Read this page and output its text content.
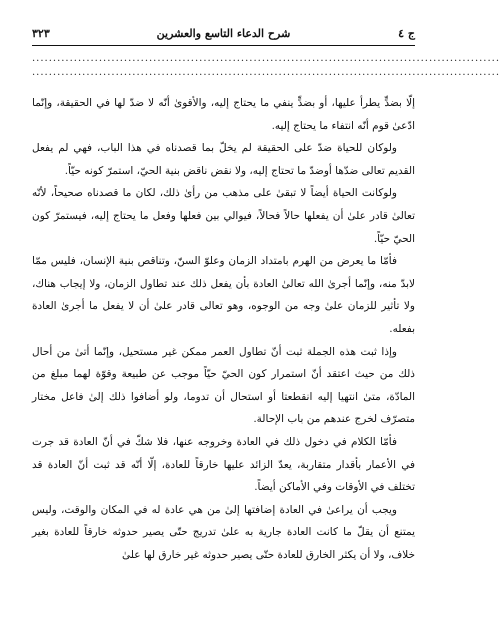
٣٢٣	شرح الدعاء التاسع والعشرين	ج ٤
................................................................................................................
................................................................................................................

إلّا بضدٍّ يطرأ عليها، أو بضدٍّ ينفي ما يحتاج إليه، والأقوىٰ أنّه لا ضدّ لها في الحقيقة، وإنّما ادّعىٰ قوم أنّه انتفاء ما يحتاج إليه.

ولوكان للحياة ضدّ على الحقيقة لم يخلّ بما قصدناه في هذا الباب، فهي لم يفعل القديم تعالى ضدّها أوضدّ ما تحتاج إليه، ولا نقض ناقض بنية الحيّ، استمرّ كونه حيّاً.

ولوكانت الحياة أيضاً لا تبقىٰ على مذهب من رأىٰ ذلك، لكان ما قصدناه صحيحاً، لأنّه تعالىٰ قادر علىٰ أن يفعلها حالاً فحالاً، فيوالي بين فعلها وفعل ما يحتاج إليه، فيستمرّ كون الحيّ حيّاً.

فأمّا ما يعرض من الهرم بامتداد الزمان وعلوّ السنّ، وتناقص بنية الإنسان، فليس ممّا لابدّ منه، وإنّما أجرىٰ الله تعالىٰ العادة بأن يفعل ذلك عند تطاول الزمان، ولا إيجاب هناك، ولا تأثير للزمان علىٰ وجه من الوجوه، وهو تعالى قادر علىٰ أن لا يفعل ما أجرىٰ العادة بفعله.

وإذا ثبت هذه الجملة ثبت أنّ تطاول العمر ممكن غير مستحيل، وإنّما أتىٰ من أحال ذلك من حيث اعتقد أنّ استمرار كون الحيّ حيّاً موجب عن طبيعة وقوّة لهما مبلغ من المادّة، متىٰ انتهيا إليه انقطعتا أو استحال أن تدوما، ولو أضافوا ذلك إلىٰ فاعل مختار متصرّف لخرج عندهم من باب الإحالة.

فأمّا الكلام في دخول ذلك في العادة وخروجه عنها، فلا شكّ في أنّ العادة قد جرت في الأعمار بأقدار متقاربة، يعدّ الزائد عليها خارقاً للعادة، إلّا أنّه قد ثبت أنّ العادة قد تختلف في الأوقات وفي الأماكن أيضاً.

ويجب أن يراعىٰ في العادة إضافتها إلىٰ من هي عادة له في المكان والوقت، وليس يمتنع أن يقلّ ما كانت العادة جارية به علىٰ تدريج حتّى يصير حدوثه خارقاً للعادة بغير خلاف، ولا أن يكثر الخارق للعادة حتّى يصير حدوثه غير خارق لها علىٰ
